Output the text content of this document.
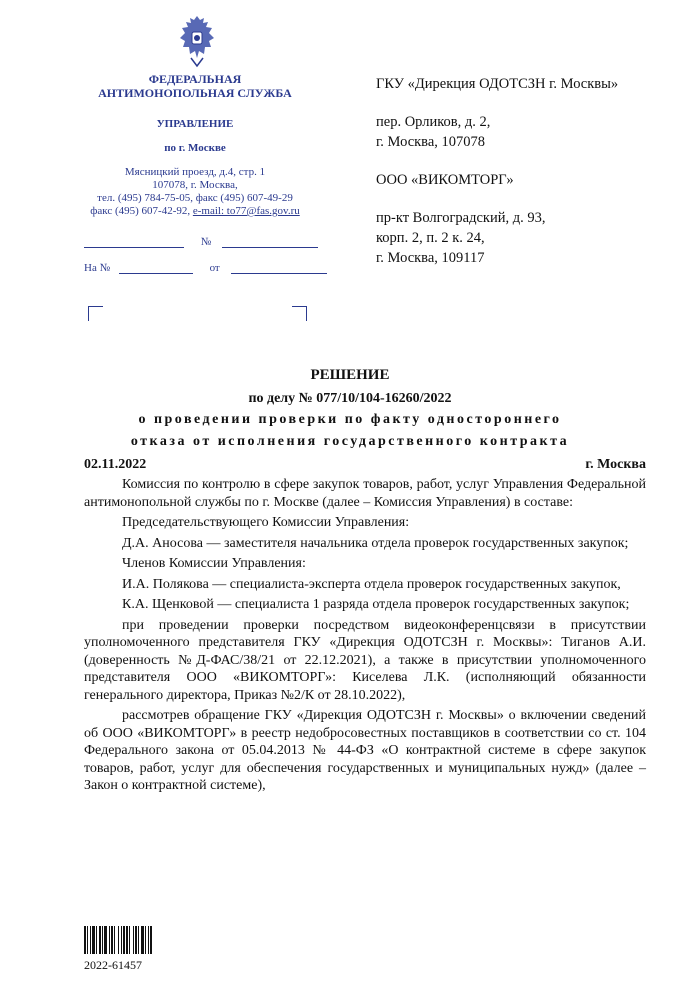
ФЕДЕРАЛЬНАЯ
АНТИМОНОПОЛЬНАЯ СЛУЖБА
УПРАВЛЕНИЕ
по г. Москве
Мясницкий проезд, д.4, стр. 1
107078, г. Москва,
тел. (495) 784-75-05, факс (495) 607-49-29
факс (495) 607-42-92, e-mail: to77@fas.gov.ru
№
На №	от

ГКУ «Дирекция ОДОТСЗН г. Москвы»

пер. Орликов, д. 2,
г. Москва, 107078

ООО «ВИКОМТОРГ»

пр-кт Волгоградский, д. 93,
корп. 2, п. 2 к. 24,
г. Москва, 109117

РЕШЕНИЕ
по делу № 077/10/104-16260/2022
о проведении проверки по факту одностороннего
отказа от исполнения государственного контракта
02.11.2022	г. Москва

Комиссия по контролю в сфере закупок товаров, работ, услуг Управления Федеральной антимонопольной службы по г. Москве (далее – Комиссия Управления) в составе:

Председательствующего Комиссии Управления:

Д.А. Аносова — заместителя начальника отдела проверок государственных закупок;

Членов Комиссии Управления:

И.А. Полякова — специалиста-эксперта отдела проверок государственных закупок,

К.А. Щенковой — специалиста 1 разряда отдела проверок государственных закупок;

при проведении проверки посредством видеоконференцсвязи в присутствии уполномоченного представителя ГКУ «Дирекция ОДОТСЗН г. Москвы»: Тиганов А.И. (доверенность №Д-ФАС/38/21 от 22.12.2021), а также в присутствии уполномоченного представителя ООО «ВИКОМТОРГ»: Киселева Л.К. (исполняющий обязанности генерального директора, Приказ №2/К от 28.10.2022),

рассмотрев обращение ГКУ «Дирекция ОДОТСЗН г. Москвы» о включении сведений об ООО «ВИКОМТОРГ» в реестр недобросовестных поставщиков в соответствии со ст. 104 Федерального закона от 05.04.2013 № 44-ФЗ «О контрактной системе в сфере закупок товаров, работ, услуг для обеспечения государственных и муниципальных нужд» (далее – Закон о контрактной системе),

2022-61457
